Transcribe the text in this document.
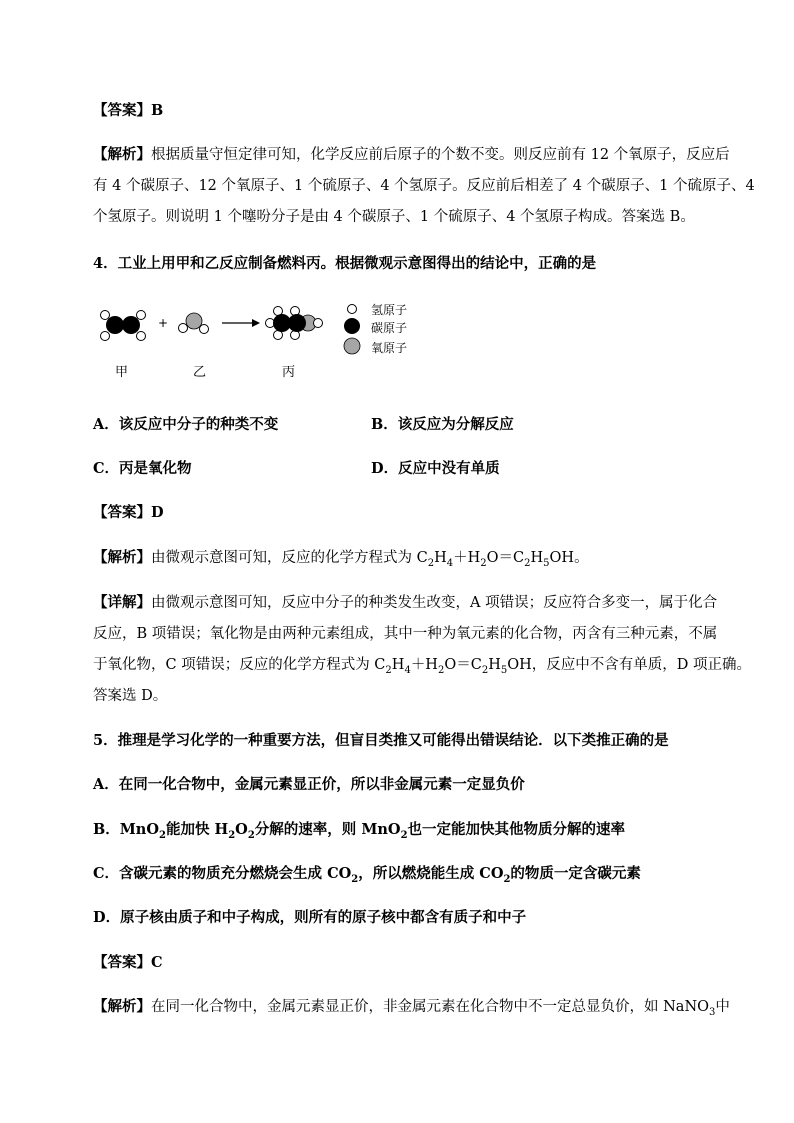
【答案】B
【解析】根据质量守恒定律可知，化学反应前后原子的个数不变。则反应前有 12 个氧原子，反应后
有 4 个碳原子、12 个氧原子、1 个硫原子、4 个氢原子。反应前后相差了 4 个碳原子、1 个硫原子、4
个氢原子。则说明 1 个噻吩分子是由 4 个碳原子、1 个硫原子、4 个氢原子构成。答案选 B。
4．工业上用甲和乙反应制备燃料丙。根据微观示意图得出的结论中，正确的是
+
氢原子
碳原子
氧原子
甲	乙	丙
A．该反应中分子的种类不变	B．该反应为分解反应
C．丙是氧化物	D．反应中没有单质
【答案】D
【解析】由微观示意图可知，反应的化学方程式为 $C_2H_4+H_2O=C_2H_5OH$。
【详解】由微观示意图可知，反应中分子的种类发生改变，A 项错误；反应符合多变一，属于化合
反应，B 项错误；氧化物是由两种元素组成，其中一种为氧元素的化合物，丙含有三种元素，不属
于氧化物，C 项错误；反应的化学方程式为 $C_2H_4+H_2O=C_2H_5OH$，反应中不含有单质，D 项正确。
答案选 D。
5．推理是学习化学的一种重要方法，但盲目类推又可能得出错误结论．以下类推正确的是
A．在同一化合物中，金属元素显正价，所以非金属元素一定显负价
B．MnO$_2$能加快 $H_2O_2$分解的速率，则 MnO$_2$也一定能加快其他物质分解的速率
C．含碳元素的物质充分燃烧会生成 $CO_2$，所以燃烧能生成 $CO_2$的物质一定含碳元素
D．原子核由质子和中子构成，则所有的原子核中都含有质子和中子
【答案】C
【解析】在同一化合物中，金属元素显正价，非金属元素在化合物中不一定总显负价，如 NaNO$_3$中
